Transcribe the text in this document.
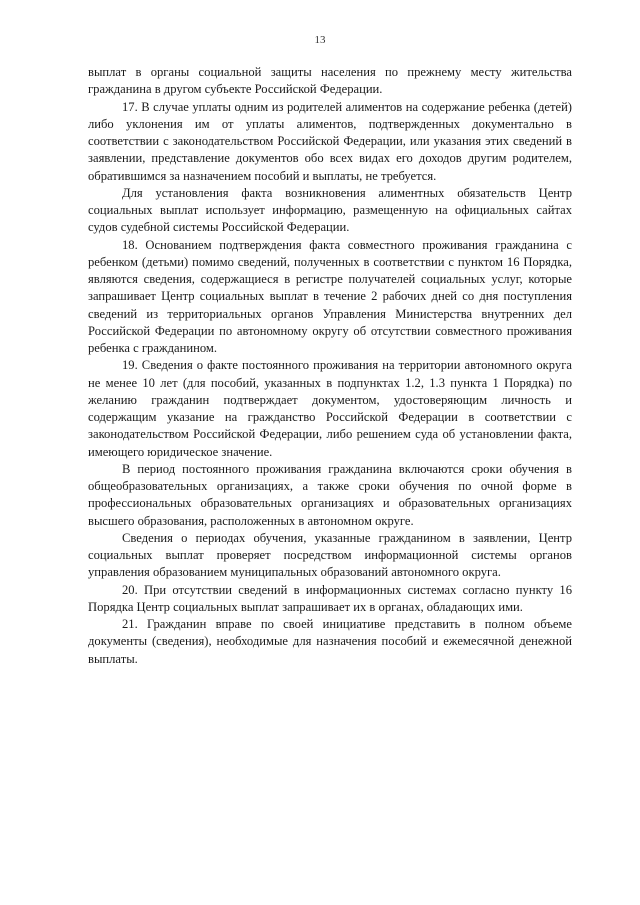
13

выплат в органы социальной защиты населения по прежнему месту жительства гражданина в другом субъекте Российской Федерации.

17. В случае уплаты одним из родителей алиментов на содержание ребенка (детей) либо уклонения им от уплаты алиментов, подтвержденных документально в соответствии с законодательством Российской Федерации, или указания этих сведений в заявлении, представление документов обо всех видах его доходов другим родителем, обратившимся за назначением пособий и выплаты, не требуется.

Для установления факта возникновения алиментных обязательств Центр социальных выплат использует информацию, размещенную на официальных сайтах судов судебной системы Российской Федерации.

18. Основанием подтверждения факта совместного проживания гражданина с ребенком (детьми) помимо сведений, полученных в соответствии с пунктом 16 Порядка, являются сведения, содержащиеся в регистре получателей социальных услуг, которые запрашивает Центр социальных выплат в течение 2 рабочих дней со дня поступления сведений из территориальных органов Управления Министерства внутренних дел Российской Федерации по автономному округу об отсутствии совместного проживания ребенка с гражданином.

19. Сведения о факте постоянного проживания на территории автономного округа не менее 10 лет (для пособий, указанных в подпунктах 1.2, 1.3 пункта 1 Порядка) по желанию гражданин подтверждает документом, удостоверяющим личность и содержащим указание на гражданство Российской Федерации в соответствии с законодательством Российской Федерации, либо решением суда об установлении факта, имеющего юридическое значение.

В период постоянного проживания гражданина включаются сроки обучения в общеобразовательных организациях, а также сроки обучения по очной форме в профессиональных образовательных организациях и образовательных организациях высшего образования, расположенных в автономном округе.

Сведения о периодах обучения, указанные гражданином в заявлении, Центр социальных выплат проверяет посредством информационной системы органов управления образованием муниципальных образований автономного округа.

20. При отсутствии сведений в информационных системах согласно пункту 16 Порядка Центр социальных выплат запрашивает их в органах, обладающих ими.

21. Гражданин вправе по своей инициативе представить в полном объеме документы (сведения), необходимые для назначения пособий и ежемесячной денежной выплаты.
